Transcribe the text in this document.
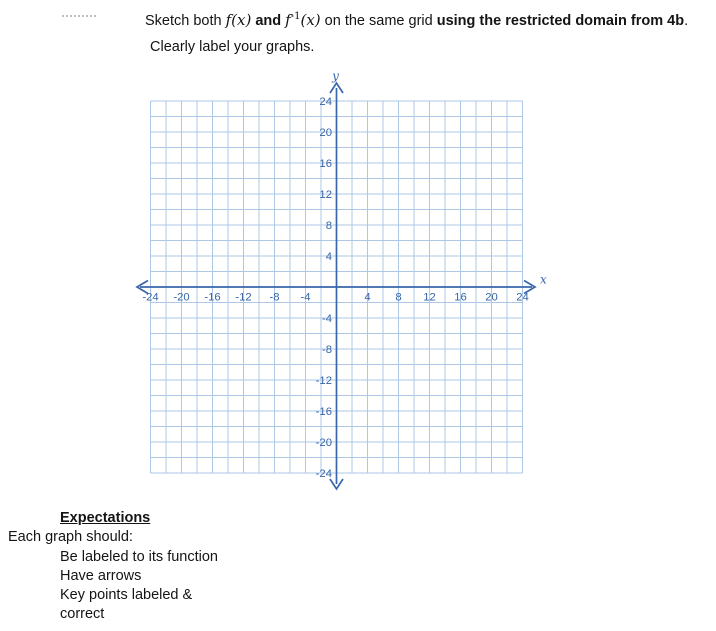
Sketch both f(x) and $f^{-1}(x)$ on the same grid using the restricted domain from 4b.
Clearly label your graphs.
-24 -20 -16 -12 -8 -4	4 8 12 16 20 24
24
20
16
12
8
4
-4
-8
-12
-16
-20
-24
x
y
Expectations
Each graph should:
Be labeled to its function
Have arrows
Key points labeled & correct
